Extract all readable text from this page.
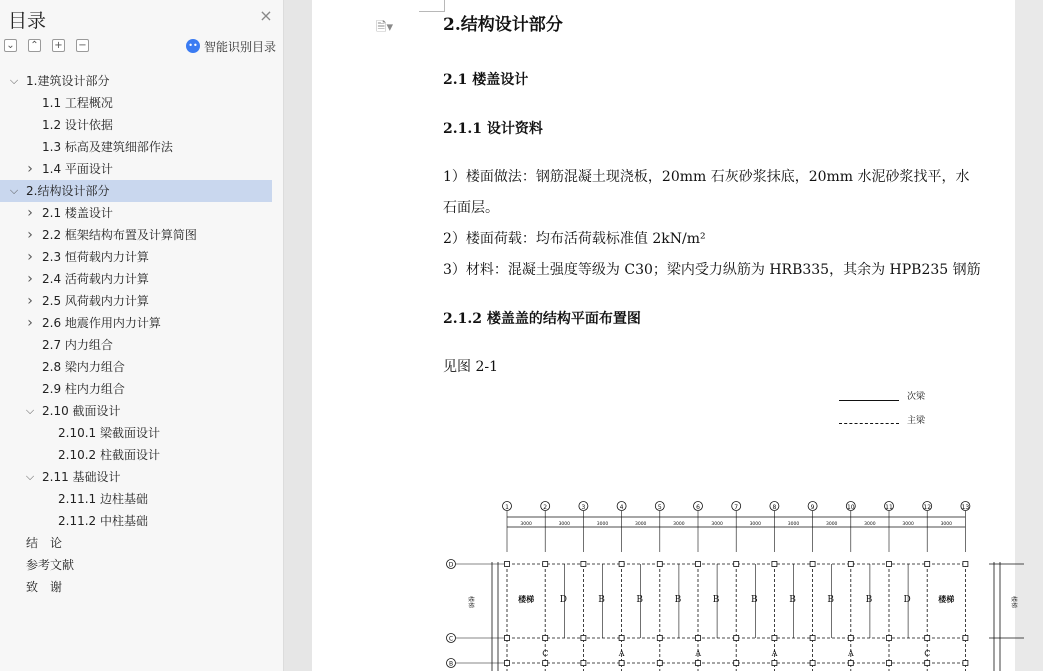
目录	×
⌄ ⌃ + −	•• 智能识别目录
⌵ 1.建筑设计部分
1.1 工程概况
1.2 设计依据
1.3 标高及建筑细部作法
› 1.4 平面设计
⌵ 2.结构设计部分
› 2.1 楼盖设计
› 2.2 框架结构布置及计算简图
› 2.3 恒荷载内力计算
› 2.4 活荷载内力计算
› 2.5 风荷载内力计算
› 2.6 地震作用内力计算
2.7 内力组合
2.8 梁内力组合
2.9 柱内力组合
⌵ 2.10 截面设计
2.10.1 梁截面设计
2.10.2 柱截面设计
⌵ 2.11 基础设计
2.11.1 边柱基础
2.11.2 中柱基础
结　论
参考文献
致　谢
🗎▾	2.结构设计部分
2.1 楼盖设计
2.1.1 设计资料
1）楼面做法：钢筋混凝土现浇板，20mm 石灰砂浆抹底，20mm 水泥砂浆找平，水
石面层。
2）楼面荷载：均布活荷载标准值 2kN/m²
3）材料：混凝土强度等级为 C30；梁内受力纵筋为 HRB335，其余为 HPB235 钢筋
2.1.2 楼盖盖的结构平面布置图
见图 2-1
次梁
主梁
1	2	3	4	5	6	7	8	9	10	11	12	13
3000	3000	3000	3000	3000	3000	3000	3000	3000	3000	3000	3000
D
C
B
楼梯	D	B	B	B	B	B	B	B	B	D	楼梯
C	A	A	A	A	C
楼梯	楼梯
